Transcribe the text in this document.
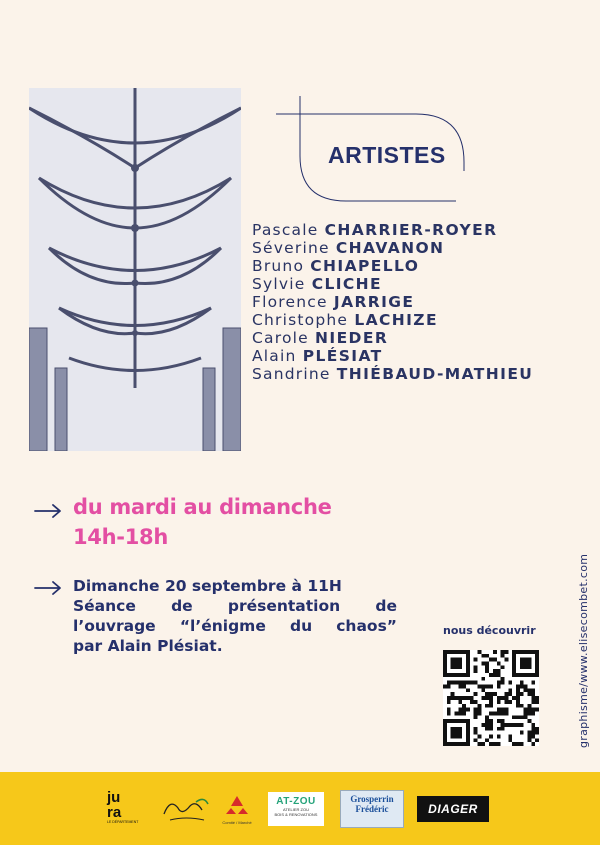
ARTISTES
Pascale CHARRIER-ROYER
Séverine CHAVANON
Bruno CHIAPELLO
Sylvie CLICHE
Florence JARRIGE
Christophe LACHIZE
Carole NIEDER
Alain PLÉSIAT
Sandrine THIÉBAUD-MATHIEU
du mardi au dimanche
14h-18h
Dimanche 20 septembre à 11H
Séance de présentation de
l’ouvrage “l’énigme du chaos”
par Alain Plésiat.
nous découvrir	graphisme/www.elisecombet.com
ju
ra
LE DÉPARTEMENT	Comité / Marché
AT-ZOU
ATELIER ZOU
BOIS & RENOVATIONS
Grosperrin
Frédéric	DIAGER
